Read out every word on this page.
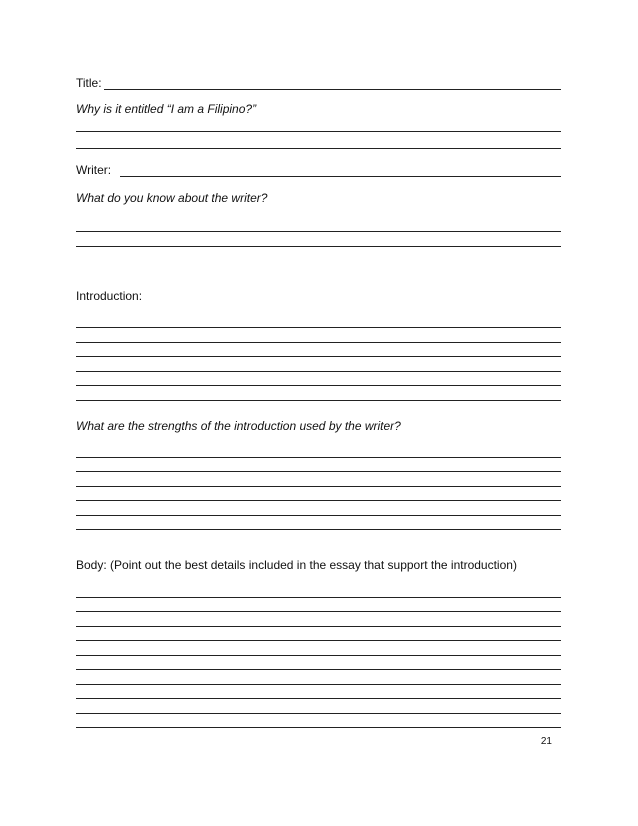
Title:
Why is it entitled “I am a Filipino?”
Writer:
What do you know about the writer?
Introduction:
What are the strengths of the introduction used by the writer?
Body: (Point out the best details included in the essay that support the introduction)
21
